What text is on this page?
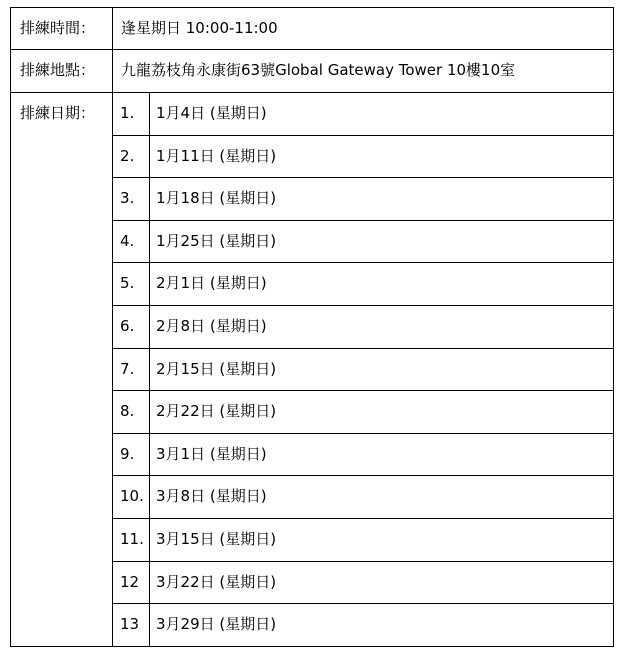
排練時間：	逢星期日 10:00-11:00	

排練地點：	九龍荔枝角永康街63號Global Gateway Tower 10樓10室	

排練日期：	1.	1月4日 (星期日)

	2.	1月11日 (星期日)

	3.	1月18日 (星期日)

	4.	1月25日 (星期日)

	5.	2月1日 (星期日)

	6.	2月8日 (星期日)

	7.	2月15日 (星期日)

	8.	2月22日 (星期日)

	9.	3月1日 (星期日)

	10.	3月8日 (星期日)

	11.	3月15日 (星期日)

	12	3月22日 (星期日)

	13	3月29日 (星期日)
